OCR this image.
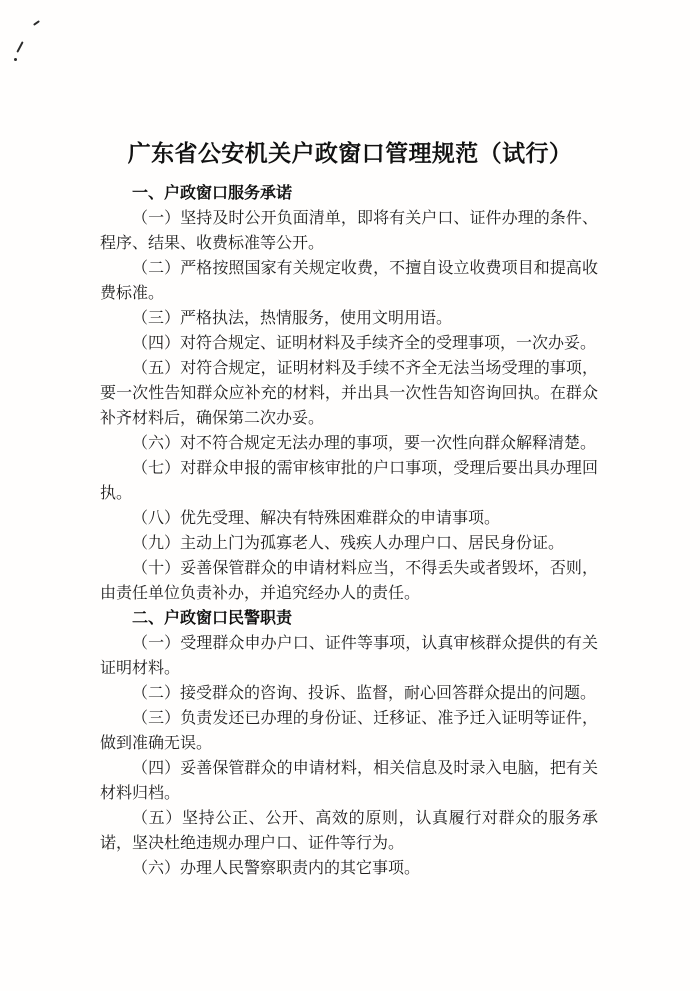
广东省公安机关户政窗口管理规范（试行）
一、户政窗口服务承诺

（一）坚持及时公开负面清单，即将有关户口、证件办理的条件、程序、结果、收费标准等公开。

（二）严格按照国家有关规定收费，不擅自设立收费项目和提高收费标准。

（三）严格执法，热情服务，使用文明用语。

（四）对符合规定、证明材料及手续齐全的受理事项，一次办妥。

（五）对符合规定，证明材料及手续不齐全无法当场受理的事项，要一次性告知群众应补充的材料，并出具一次性告知咨询回执。在群众补齐材料后，确保第二次办妥。

（六）对不符合规定无法办理的事项，要一次性向群众解释清楚。

（七）对群众申报的需审核审批的户口事项，受理后要出具办理回执。

（八）优先受理、解决有特殊困难群众的申请事项。

（九）主动上门为孤寡老人、残疾人办理户口、居民身份证。

（十）妥善保管群众的申请材料应当，不得丢失或者毁坏，否则，由责任单位负责补办，并追究经办人的责任。

二、户政窗口民警职责

（一）受理群众申办户口、证件等事项，认真审核群众提供的有关证明材料。

（二）接受群众的咨询、投诉、监督，耐心回答群众提出的问题。

（三）负责发还已办理的身份证、迁移证、准予迁入证明等证件，做到准确无误。

（四）妥善保管群众的申请材料，相关信息及时录入电脑，把有关材料归档。

（五）坚持公正、公开、高效的原则，认真履行对群众的服务承诺，坚决杜绝违规办理户口、证件等行为。

（六）办理人民警察职责内的其它事项。
